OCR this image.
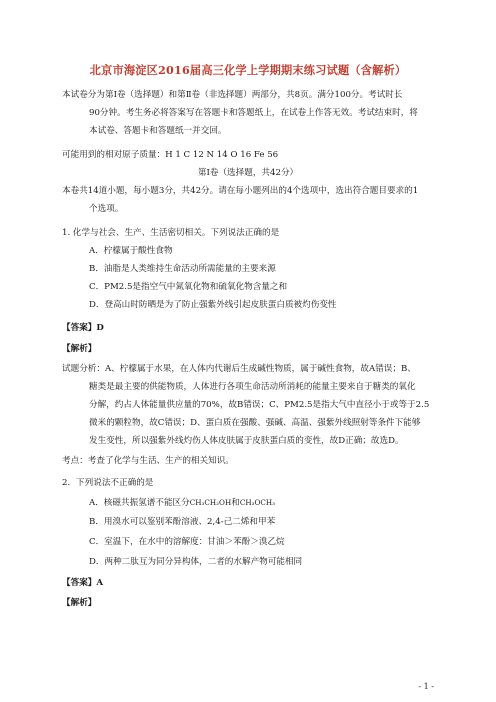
北京市海淀区2016届高三化学上学期期末练习试题（含解析）
本试卷分为第Ⅰ卷（选择题）和第Ⅱ卷（非选择题）两部分，共8页。满分100分。考试时长
90分钟。考生务必将答案写在答题卡和答题纸上，在试卷上作答无效。考试结束时，将
本试卷、答题卡和答题纸一并交回。
可能用到的相对原子质量：H 1 C 12 N 14 O 16 Fe 56
第Ⅰ卷（选择题，共42分）
本卷共14道小题，每小题3分，共42分。请在每小题列出的4个选项中，选出符合题目要求的1
个选项。
1. 化学与社会、生产、生活密切相关。下列说法正确的是
A．柠檬属于酸性食物
B．油脂是人类维持生命活动所需能量的主要来源
C．PM2.5是指空气中氮氧化物和硫氧化物含量之和
D．登高山时防晒是为了防止强紫外线引起皮肤蛋白质被灼伤变性
【答案】D
【解析】
试题分析：A、柠檬属于水果，在人体内代谢后生成碱性物质，属于碱性食物，故A错误；B、
糖类是最主要的供能物质，人体进行各项生命活动所消耗的能量主要来自于糖类的氧化
分解，约占人体能量供应量的70%，故B错误；C、PM2.5是指大气中直径小于或等于2.5
微米的颗粒物，故C错误；D、蛋白质在强酸、强碱、高温、强紫外线照射等条件下能够
发生变性，所以强紫外线灼伤人体皮肤属于皮肤蛋白质的变性，故D正确；故选D。
考点：考查了化学与生活、生产的相关知识。
2．下列说法不正确的是
A．核磁共振氢谱不能区分CH₃CH₂OH和CH₃OCH₃
B．用溴水可以鉴别苯酚溶液、2,4-己二烯和甲苯
C．室温下，在水中的溶解度：甘油＞苯酚＞溴乙烷
D．两种二肽互为同分异构体，二者的水解产物可能相同
【答案】A
【解析】
- 1 -
